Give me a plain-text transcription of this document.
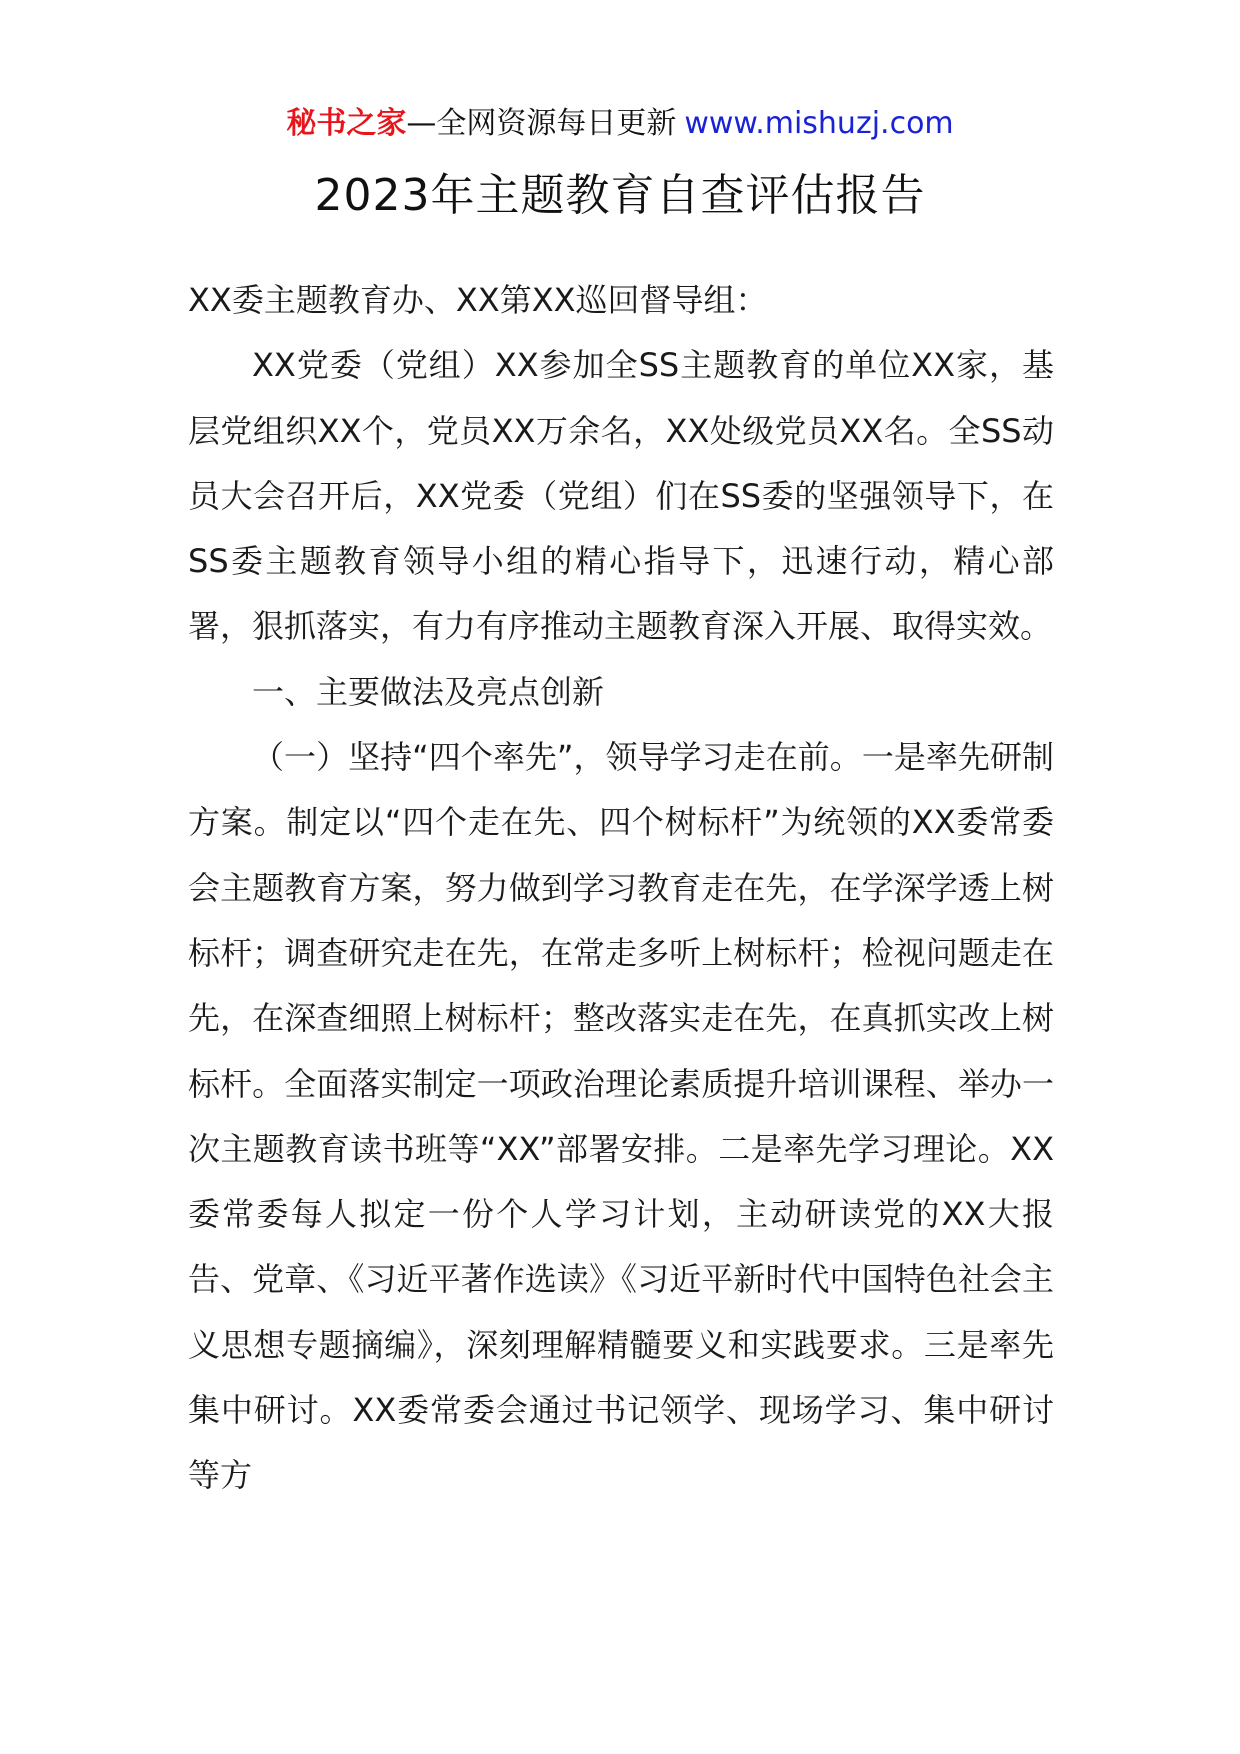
秘书之家—全网资源每日更新 www.mishuzj.com
2023年主题教育自查评估报告

XX委主题教育办、XX第XX巡回督导组：

XX党委（党组）XX参加全SS主题教育的单位XX家，基层党组织XX个，党员XX万余名，XX处级党员XX名。全SS动员大会召开后，XX党委（党组）们在SS委的坚强领导下，在SS委主题教育领导小组的精心指导下，迅速行动，精心部署，狠抓落实，有力有序推动主题教育深入开展、取得实效。

一、主要做法及亮点创新

（一）坚持“四个率先”，领导学习走在前。一是率先研制方案。制定以“四个走在先、四个树标杆”为统领的XX委常委会主题教育方案，努力做到学习教育走在先，在学深学透上树标杆；调查研究走在先，在常走多听上树标杆；检视问题走在先，在深查细照上树标杆；整改落实走在先，在真抓实改上树标杆。全面落实制定一项政治理论素质提升培训课程、举办一次主题教育读书班等“XX”部署安排。二是率先学习理论。XX委常委每人拟定一份个人学习计划，主动研读党的XX大报告、党章、《习近平著作选读》《习近平新时代中国特色社会主义思想专题摘编》，深刻理解精髓要义和实践要求。三是率先集中研讨。XX委常委会通过书记领学、现场学习、集中研讨等方
